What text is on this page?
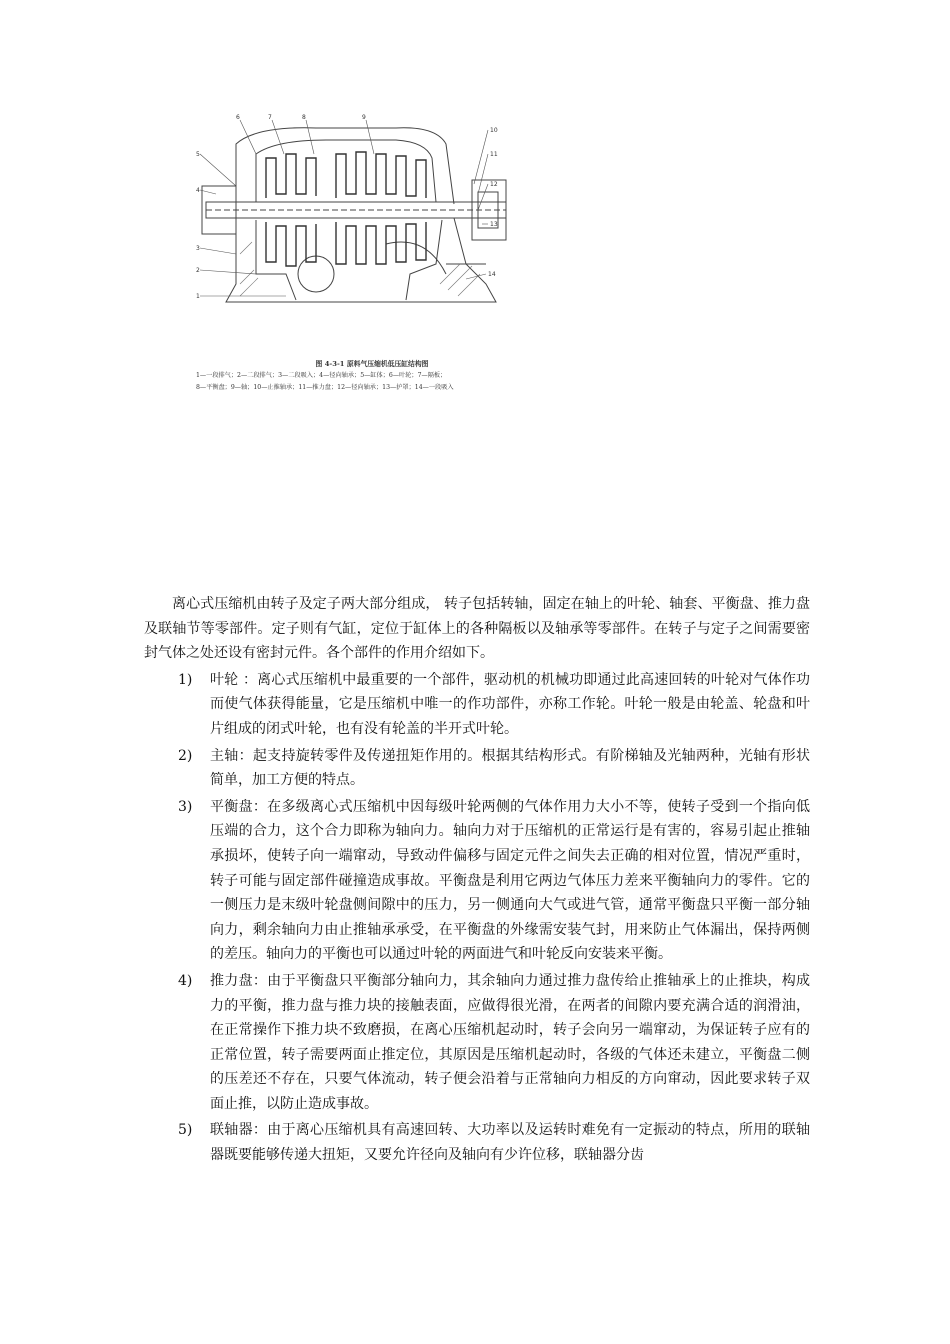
6	7	8	9
10
11
12
13
14
5
4
3
2
1
图 4-3-1 原料气压缩机低压缸结构图
1—一段排气；2—二段排气；3—二段吸入；4—径向轴承；5—缸体；6—叶轮；7—隔板；
8—平衡盘；9—轴；10—止推轴承；11—推力盘；12—径向轴承；13—护罩；14—一段吸入

离心式压缩机由转子及定子两大部分组成， 转子包括转轴，固定在轴上的叶轮、轴套、平衡盘、推力盘及联轴节等零部件。定子则有气缸，定位于缸体上的各种隔板以及轴承等零部件。在转子与定子之间需要密封气体之处还设有密封元件。各个部件的作用介绍如下。

1)	叶轮 ：离心式压缩机中最重要的一个部件，驱动机的机械功即通过此高速回转的叶轮对气体作功而使气体获得能量，它是压缩机中唯一的作功部件，亦称工作轮。叶轮一般是由轮盖、轮盘和叶片组成的闭式叶轮，也有没有轮盖的半开式叶轮。
2)	主轴：起支持旋转零件及传递扭矩作用的。根据其结构形式。有阶梯轴及光轴两种，光轴有形状简单，加工方便的特点。
3)	平衡盘：在多级离心式压缩机中因每级叶轮两侧的气体作用力大小不等，使转子受到一个指向低压端的合力，这个合力即称为轴向力。轴向力对于压缩机的正常运行是有害的，容易引起止推轴承损坏，使转子向一端窜动，导致动件偏移与固定元件之间失去正确的相对位置，情况严重时，转子可能与固定部件碰撞造成事故。平衡盘是利用它两边气体压力差来平衡轴向力的零件。它的一侧压力是末级叶轮盘侧间隙中的压力，另一侧通向大气或进气管，通常平衡盘只平衡一部分轴向力，剩余轴向力由止推轴承承受，在平衡盘的外缘需安装气封，用来防止气体漏出，保持两侧的差压。轴向力的平衡也可以通过叶轮的两面进气和叶轮反向安装来平衡。
4)	推力盘：由于平衡盘只平衡部分轴向力，其余轴向力通过推力盘传给止推轴承上的止推块，构成力的平衡，推力盘与推力块的接触表面，应做得很光滑，在两者的间隙内要充满合适的润滑油，在正常操作下推力块不致磨损，在离心压缩机起动时，转子会向另一端窜动，为保证转子应有的正常位置，转子需要两面止推定位，其原因是压缩机起动时，各级的气体还未建立，平衡盘二侧的压差还不存在，只要气体流动，转子便会沿着与正常轴向力相反的方向窜动，因此要求转子双面止推，以防止造成事故。
5)	联轴器：由于离心压缩机具有高速回转、大功率以及运转时难免有一定振动的特点，所用的联轴器既要能够传递大扭矩，又要允许径向及轴向有少许位移，联轴器分齿
